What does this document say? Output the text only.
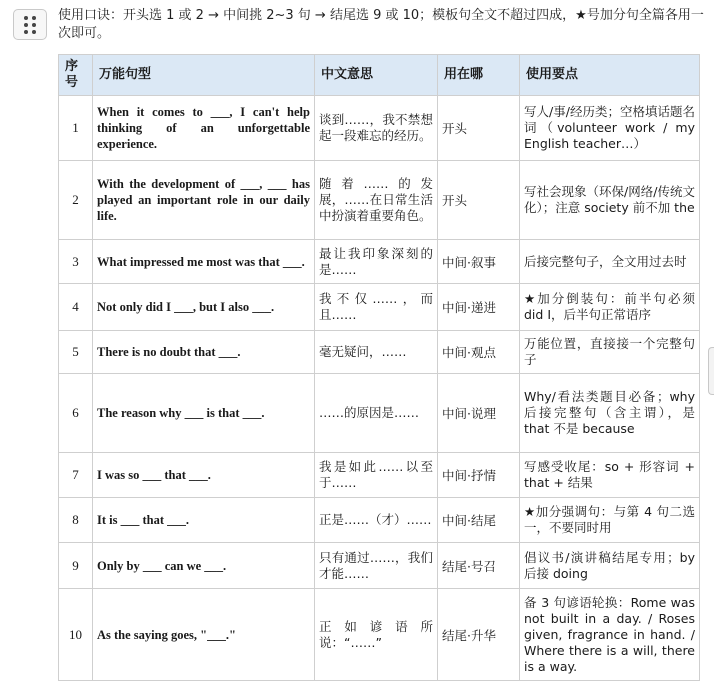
使用口诀：开头选 1 或 2 → 中间挑 2~3 句 → 结尾选 9 或 10；模板句全文不超过四成，★号加分句全篇各用一次即可。
序号	万能句型	中文意思	用在哪	使用要点
1	When it comes to ___, I can't help thinking of an unforgettable experience.	谈到……，我不禁想起一段难忘的经历。	开头	写人/事/经历类；空格填话题名词（volunteer work / my English teacher…）
2	With the development of ___, ___ has played an important role in our daily life.	随着……的发展，……在日常生活中扮演着重要角色。	开头	写社会现象（环保/网络/传统文化）；注意 society 前不加 the
3	What impressed me most was that ___.	最让我印象深刻的是……	中间·叙事	后接完整句子，全文用过去时
4	Not only did I ___, but I also ___.	我不仅……，而且……	中间·递进	★加分倒装句：前半句必须 did I，后半句正常语序
5	There is no doubt that ___.	毫无疑问，……	中间·观点	万能位置，直接接一个完整句子
6	The reason why ___ is that ___.	……的原因是……	中间·说理	Why/看法类题目必备；why 后接完整句（含主谓），是 that 不是 because
7	I was so ___ that ___.	我是如此……以至于……	中间·抒情	写感受收尾：so + 形容词 + that + 结果
8	It is ___ that ___.	正是……（才）……	中间·结尾	★加分强调句：与第 4 句二选一，不要同时用
9	Only by ___ can we ___.	只有通过……，我们才能……	结尾·号召	倡议书/演讲稿结尾专用；by 后接 doing
10	As the saying goes, "___."	正如谚语所说：“……”	结尾·升华	备 3 句谚语轮换：Rome was not built in a day. / Roses given, fragrance in hand. / Where there is a will, there is a way.
